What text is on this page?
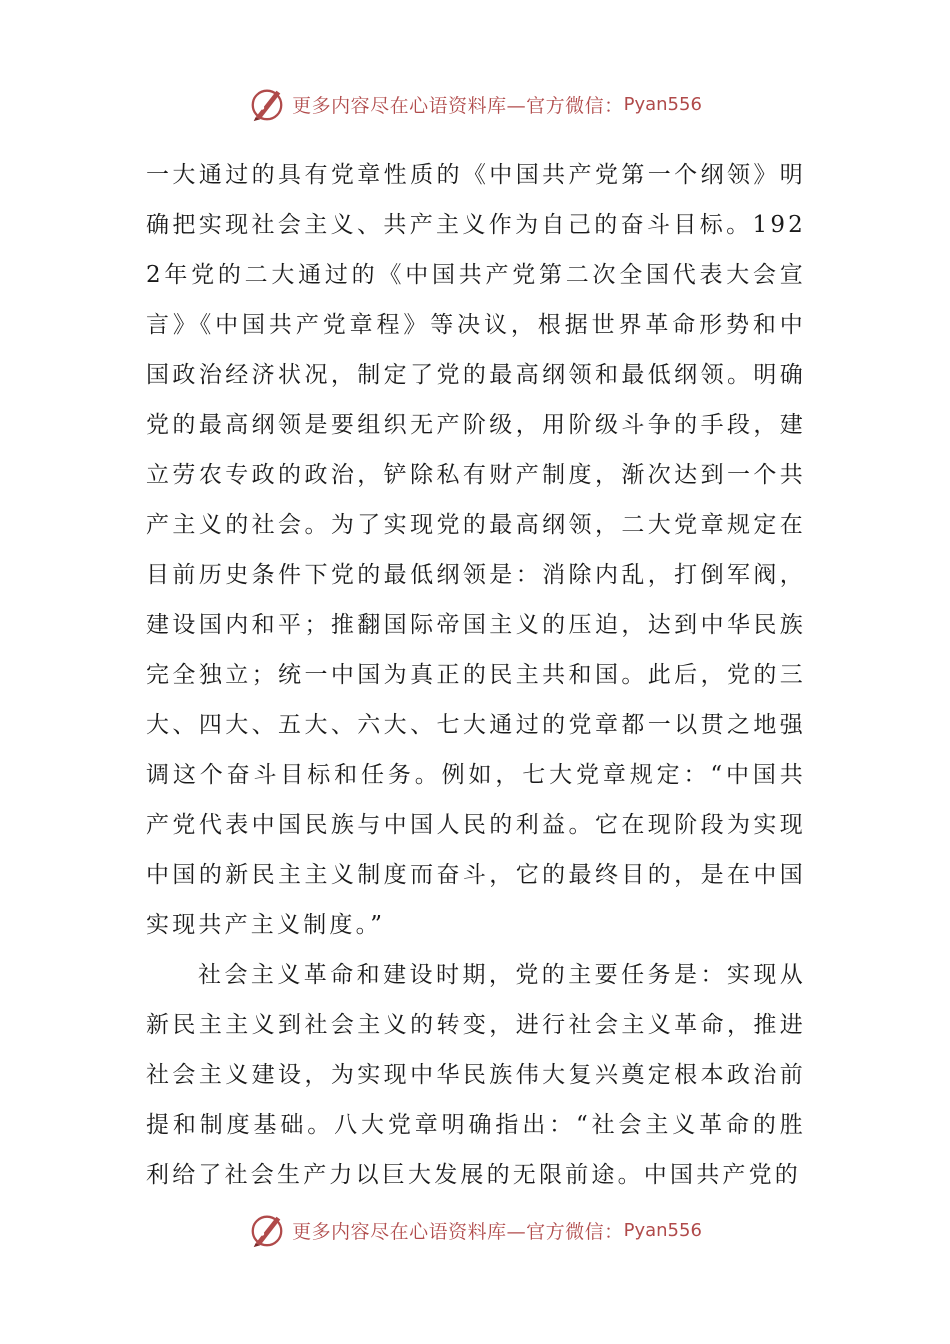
更多内容尽在心语资料库—官方微信： Pyan556

一大通过的具有党章性质的《中国共产党第一个纲领》明确把实现社会主义、共产主义作为自己的奋斗目标。1922年党的二大通过的《中国共产党第二次全国代表大会宣言》《中国共产党章程》等决议，根据世界革命形势和中国政治经济状况，制定了党的最高纲领和最低纲领。明确党的最高纲领是要组织无产阶级，用阶级斗争的手段，建立劳农专政的政治，铲除私有财产制度，渐次达到一个共产主义的社会。为了实现党的最高纲领，二大党章规定在目前历史条件下党的最低纲领是：消除内乱，打倒军阀，建设国内和平；推翻国际帝国主义的压迫，达到中华民族完全独立；统一中国为真正的民主共和国。此后，党的三大、四大、五大、六大、七大通过的党章都一以贯之地强调这个奋斗目标和任务。例如，七大党章规定：“中国共产党代表中国民族与中国人民的利益。它在现阶段为实现中国的新民主主义制度而奋斗，它的最终目的，是在中国实现共产主义制度。”

社会主义革命和建设时期，党的主要任务是：实现从新民主主义到社会主义的转变，进行社会主义革命，推进社会主义建设，为实现中华民族伟大复兴奠定根本政治前提和制度基础。八大党章明确指出：“社会主义革命的胜利给了社会生产力以巨大发展的无限前途。中国共产党的

更多内容尽在心语资料库—官方微信： Pyan556
